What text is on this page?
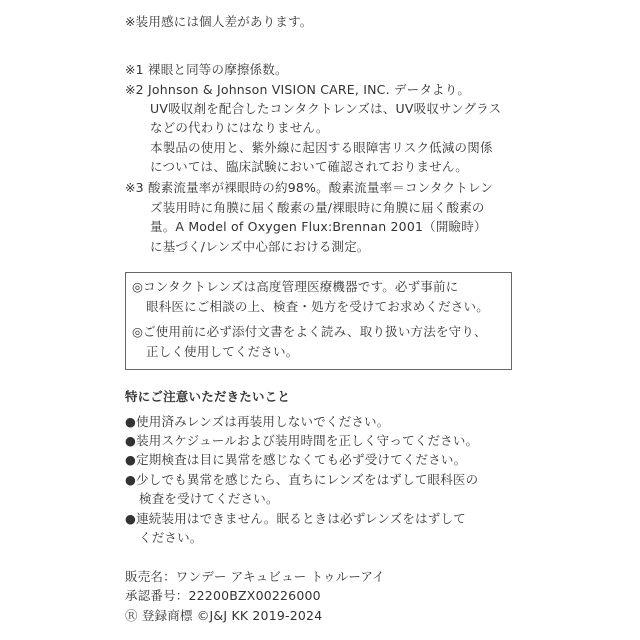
※装用感には個人差があります。
※1 裸眼と同等の摩擦係数。
※2 Johnson & Johnson VISION CARE, INC. データより。
UV吸収剤を配合したコンタクトレンズは、UV吸収サングラス
などの代わりにはなりません。
本製品の使用と、紫外線に起因する眼障害リスク低減の関係
については、臨床試験において確認されておりません。
※3 酸素流量率が裸眼時の約98%。酸素流量率＝コンタクトレン
ズ装用時に角膜に届く酸素の量/裸眼時に角膜に届く酸素の
量。A Model of Oxygen Flux:Brennan 2001（開瞼時）
に基づく/レンズ中心部における測定。
◎コンタクトレンズは高度管理医療機器です。必ず事前に
眼科医にご相談の上、検査・処方を受けてお求めください。
◎ご使用前に必ず添付文書をよく読み、取り扱い方法を守り、
正しく使用してください。
特にご注意いただきたいこと
●使用済みレンズは再装用しないでください。
●装用スケジュールおよび装用時間を正しく守ってください。
●定期検査は目に異常を感じなくても必ず受けてください。
●少しでも異常を感じたら、直ちにレンズをはずして眼科医の
検査を受けてください。
●連続装用はできません。眠るときは必ずレンズをはずして
ください。
販売名：ワンデー アキュビュー トゥルーアイ
承認番号：22200BZX00226000
Ⓡ 登録商標 ©J&J KK 2019-2024
